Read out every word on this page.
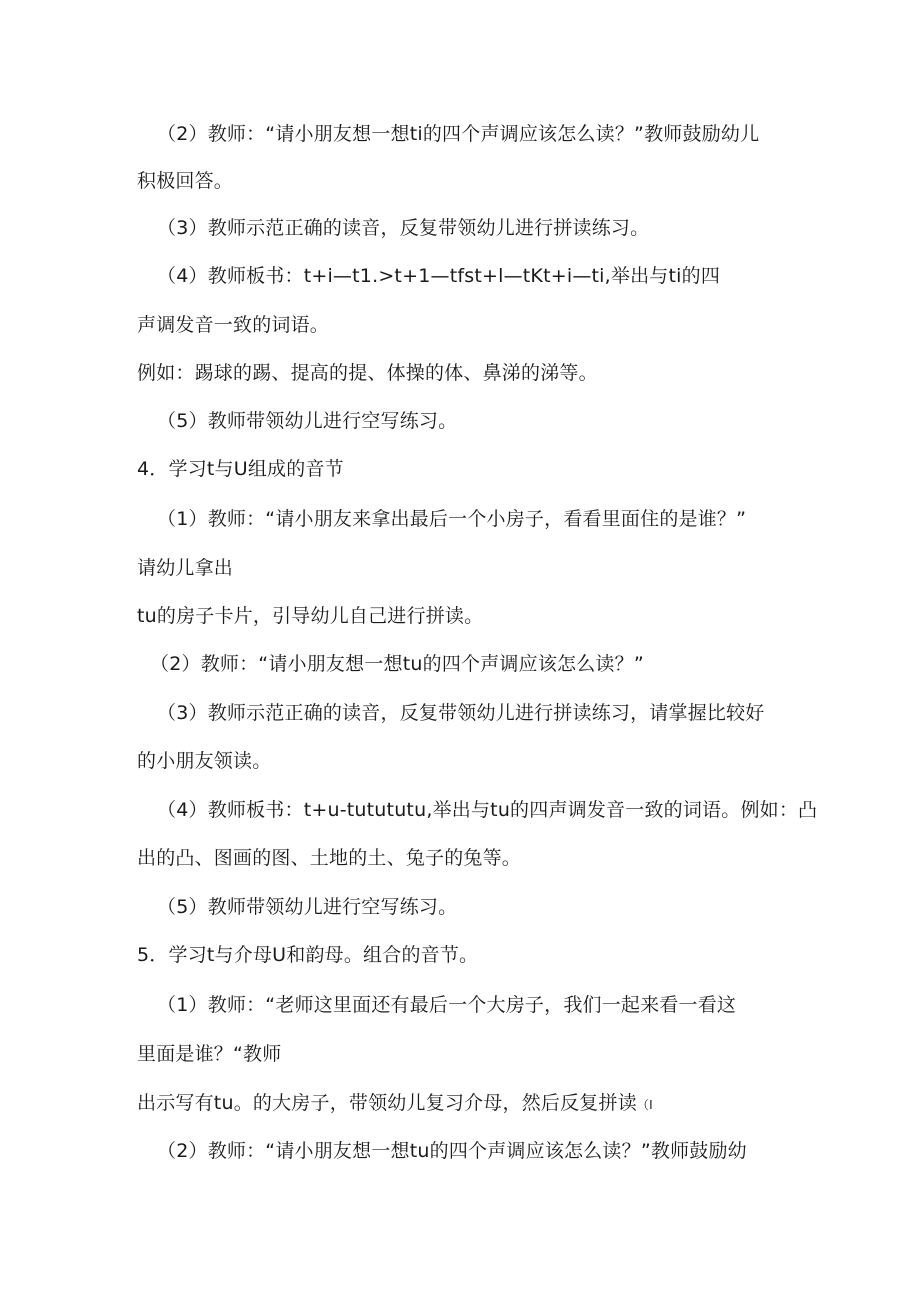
（2）教师：“请小朋友想一想ti的四个声调应该怎么读？”教师鼓励幼儿
积极回答。
（3）教师示范正确的读音，反复带领幼儿进行拼读练习。
（4）教师板书：t+i—t1.>t+1—tfst+l—tKt+i—ti,举出与ti的四
声调发音一致的词语。
例如：踢球的踢、提高的提、体操的体、鼻涕的涕等。
（5）教师带领幼儿进行空写练习。
4．学习t与U组成的音节
（1）教师：“请小朋友来拿出最后一个小房子，看看里面住的是谁？”
请幼儿拿出
tu的房子卡片，引导幼儿自己进行拼读。
（2）教师：“请小朋友想一想tu的四个声调应该怎么读？”
（3）教师示范正确的读音，反复带领幼儿进行拼读练习，请掌握比较好
的小朋友领读。
（4）教师板书：t+u-tutututu,举出与tu的四声调发音一致的词语。例如：凸
出的凸、图画的图、土地的土、兔子的兔等。
（5）教师带领幼儿进行空写练习。
5．学习t与介母U和韵母。组合的音节。
（1）教师：“老师这里面还有最后一个大房子，我们一起来看一看这
里面是谁？“教师
出示写有tu。的大房子，带领幼儿复习介母，然后反复拼读（I
（2）教师：“请小朋友想一想tu的四个声调应该怎么读？”教师鼓励幼
